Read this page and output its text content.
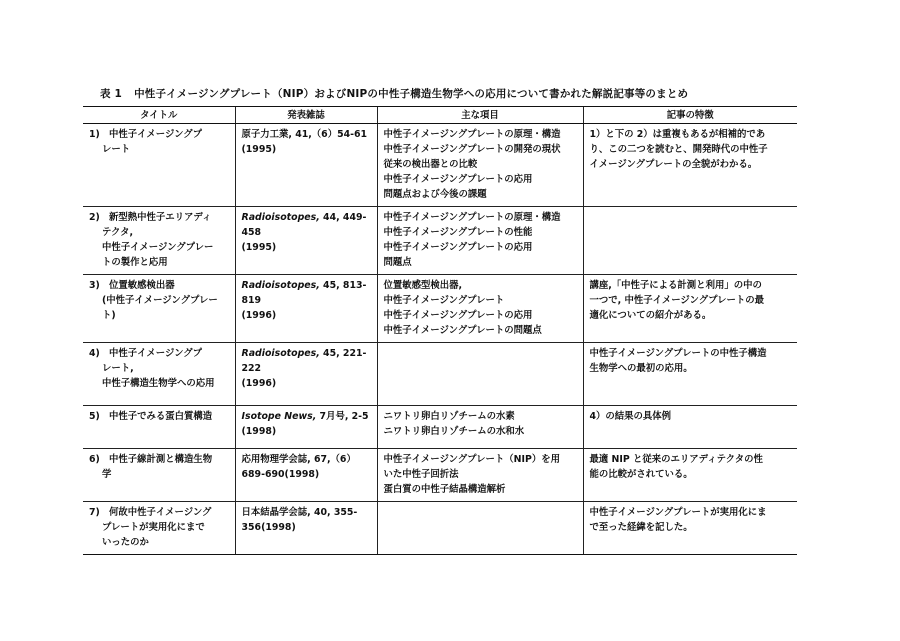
表 1 中性子イメージングプレート（NIP）およびNIPの中性子構造生物学への応用について書かれた解説記事等のまとめ
タイトル	発表雑誌	主な項目	記事の特徴

1) 中性子イメージングプ
レート	原子力工業, 41,（6）54-61
(1995)	中性子イメージングプレートの原理・構造
中性子イメージングプレートの開発の現状
従来の検出器との比較
中性子イメージングプレートの応用
問題点および今後の課題	1）と下の 2）は重複もあるが相補的であ
り、この二つを読むと、開発時代の中性子
イメージングプレートの全貌がわかる。

2) 新型熱中性子エリアディ
テクタ,
中性子イメージングプレー
トの製作と応用	Radioisotopes, 44, 449-458
(1995)	中性子イメージングプレートの原理・構造
中性子イメージングプレートの性能
中性子イメージングプレートの応用
問題点	

3) 位置敏感検出器
(中性子イメージングプレー
ト)	Radioisotopes, 45, 813-819
(1996)	位置敏感型検出器,
中性子イメージングプレート
中性子イメージングプレートの応用
中性子イメージングプレートの問題点	講座,「中性子による計測と利用」の中の
一つで, 中性子イメージングプレートの最
適化についての紹介がある。

4) 中性子イメージングプ
レート,
中性子構造生物学への応用	Radioisotopes, 45, 221-222
(1996)		中性子イメージングプレートの中性子構造
生物学への最初の応用。

5) 中性子でみる蛋白質構造	Isotope News, 7月号, 2-5
(1998)	ニワトリ卵白リゾチームの水素
ニワトリ卵白リゾチームの水和水	4）の結果の具体例

6) 中性子線計測と構造生物
学	応用物理学会誌, 67,（6）
689-690(1998)	中性子イメージングプレート（NIP）を用
いた中性子回折法
蛋白質の中性子結晶構造解析	最適 NIP と従来のエリアディテクタの性
能の比較がされている。

7) 何故中性子イメージング
プレートが実用化にまで
いったのか	日本結晶学会誌, 40, 355-
356(1998)		中性子イメージングプレートが実用化にま
で至った経緯を記した。
